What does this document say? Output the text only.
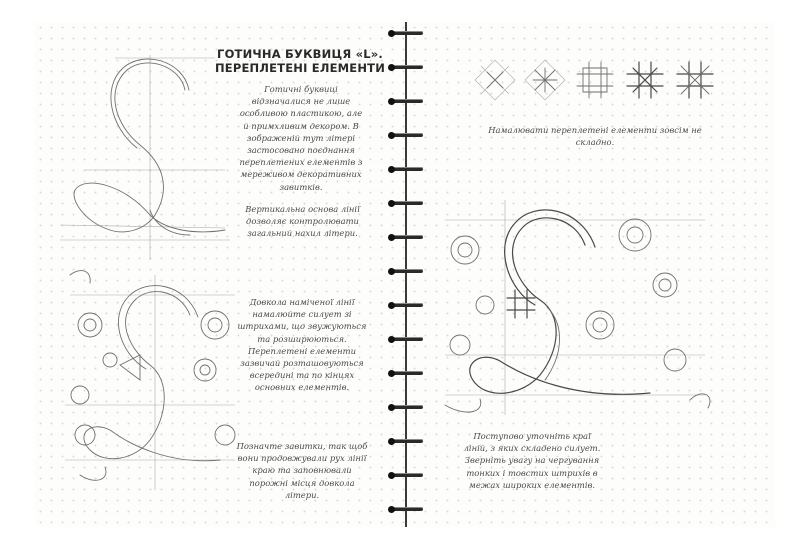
ГОТИЧНА БУКВИЦЯ «L».
ПЕРЕПЛЕТЕНІ ЕЛЕМЕНТИ

Готичні буквиці відзначалися не лише особливою пластикою, але й примхливим декором. В зображеній тут літері застосовано поєднання переплетених елементів з мереживом декоративних завитків.

Вертикальна основа лінії дозволяє контролювати загальний нахил літери.

Довкола наміченої лінії намалюйте силует зі штрихами, що звужуються та розширюються. Переплетені елементи зазвичай розташовуються всередині та по кінцях основних елементів.

Позначте завитки, так щоб вони продовжували рух лінії краю та заповнювали порожні місця довкола літери.

Намалювати переплетені елементи зовсім не складно.

Поступово уточніть краї ліній, з яких складено силует. Зверніть увагу на чергування тонких і товстих штрихів в межах широких елементів.
